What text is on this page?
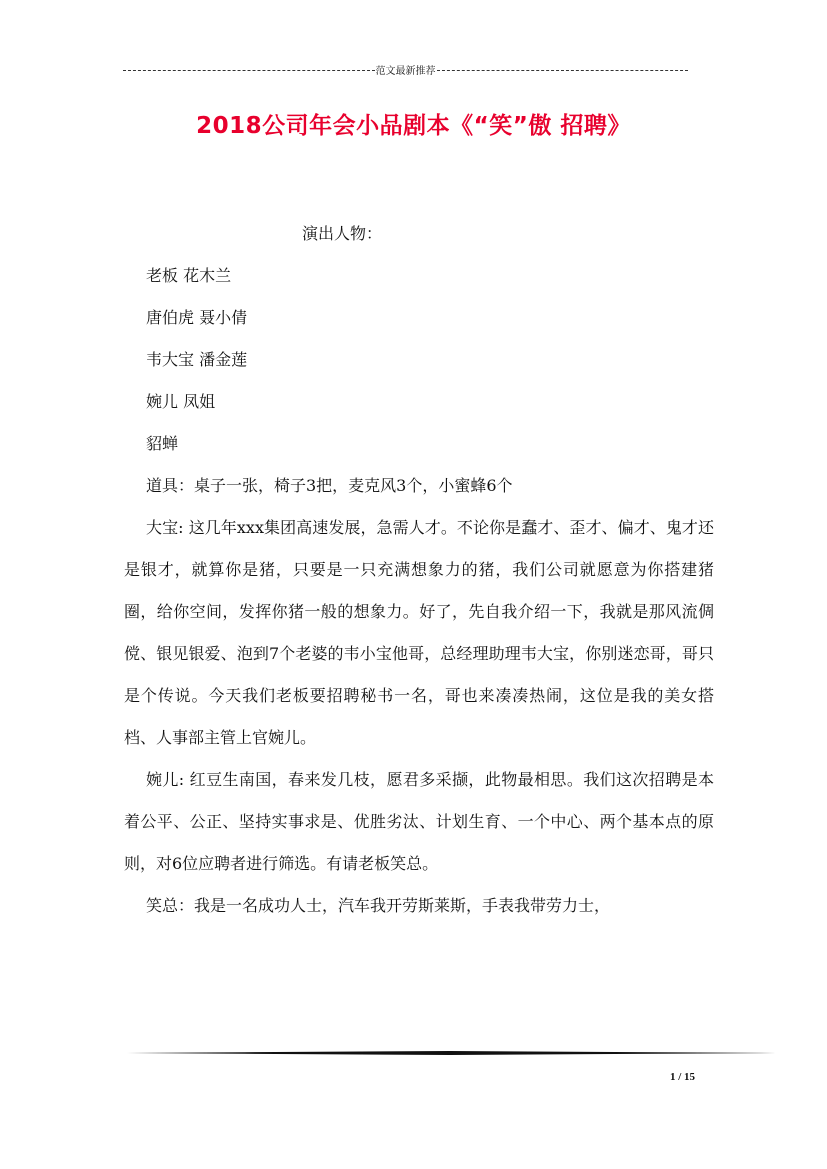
范文最新推荐
2018公司年会小品剧本《“笑”傲 招聘》
演出人物：
老板 花木兰
唐伯虎 聂小倩
韦大宝 潘金莲
婉儿 凤姐
貂蝉
道具：桌子一张，椅子3把，麦克风3个，小蜜蜂6个

大宝: 这几年xxx集团高速发展，急需人才。不论你是蠢才、歪才、偏才、鬼才还是银才，就算你是猪，只要是一只充满想象力的猪，我们公司就愿意为你搭建猪圈，给你空间，发挥你猪一般的想象力。好了，先自我介绍一下，我就是那风流倜傥、银见银爱、泡到7个老婆的韦小宝他哥，总经理助理韦大宝，你别迷恋哥，哥只是个传说。今天我们老板要招聘秘书一名，哥也来凑凑热闹，这位是我的美女搭档、人事部主管上官婉儿。

婉儿: 红豆生南国，春来发几枝，愿君多采撷，此物最相思。我们这次招聘是本着公平、公正、坚持实事求是、优胜劣汰、计划生育、一个中心、两个基本点的原则，对6位应聘者进行筛选。有请老板笑总。

笑总：我是一名成功人士，汽车我开劳斯莱斯，手表我带劳力士，

1 / 15
